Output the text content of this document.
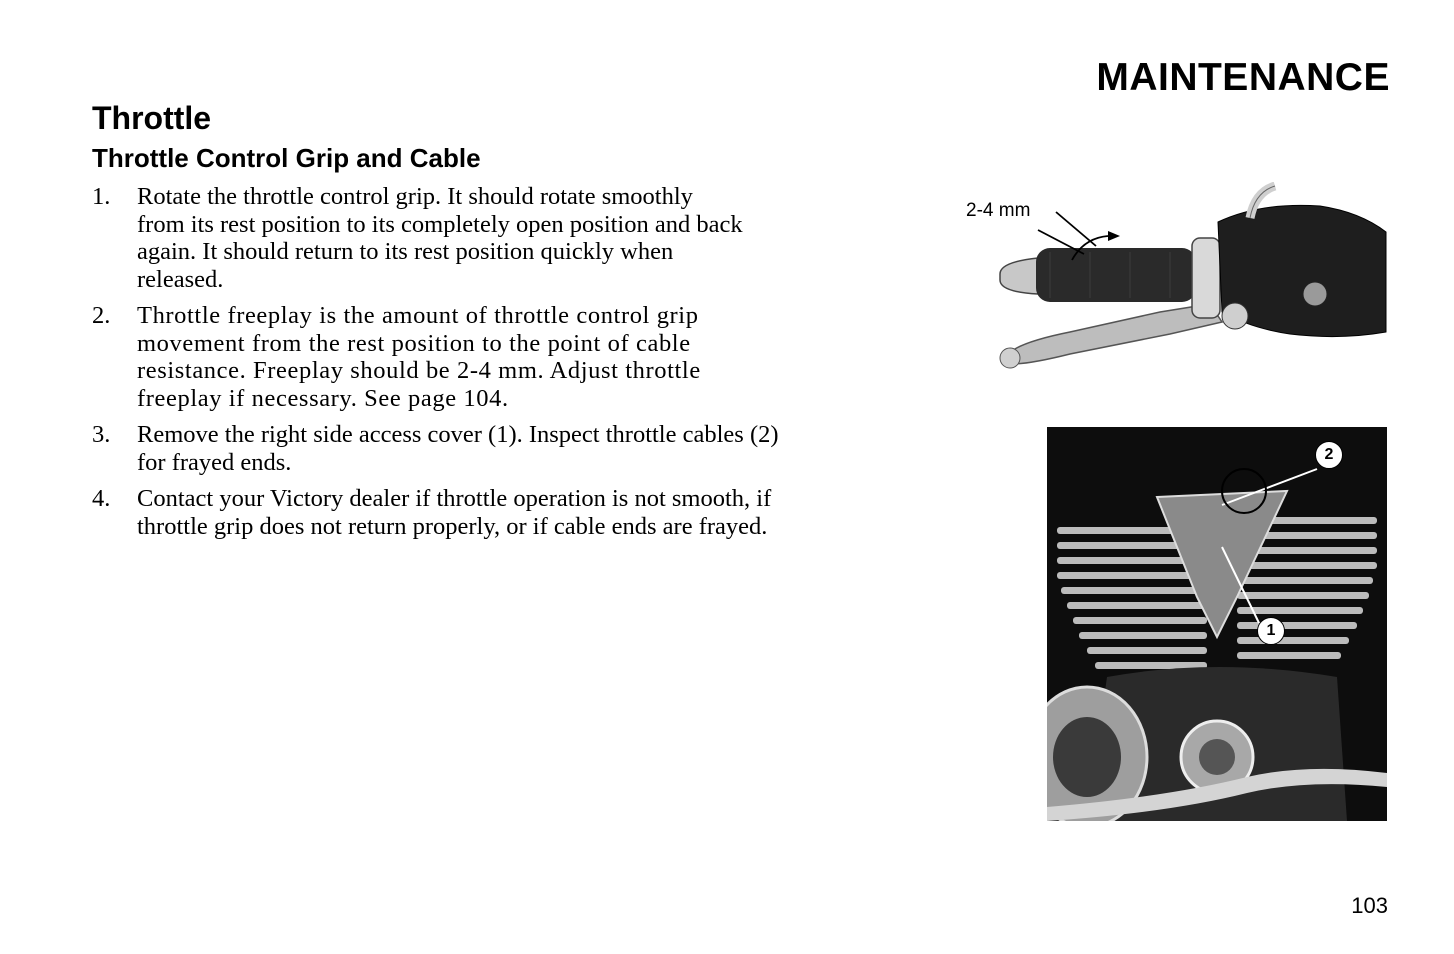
MAINTENANCE
Throttle
Throttle Control Grip and Cable
1.	Rotate the throttle control grip. It should rotate smoothly
from its rest position to its completely open position and back
again. It should return to its rest position quickly when
released.
2.	Throttle freeplay is the amount of throttle control grip
movement from the rest position to the point of cable
resistance. Freeplay should be 2-4 mm. Adjust throttle
freeplay if necessary. See page 104.
3.	Remove the right side access cover (1). Inspect throttle cables (2)
for frayed ends.
4.	Contact your Victory dealer if throttle operation is not smooth, if
throttle grip does not return properly, or if cable ends are frayed.
2-4 mm
2
1
103
